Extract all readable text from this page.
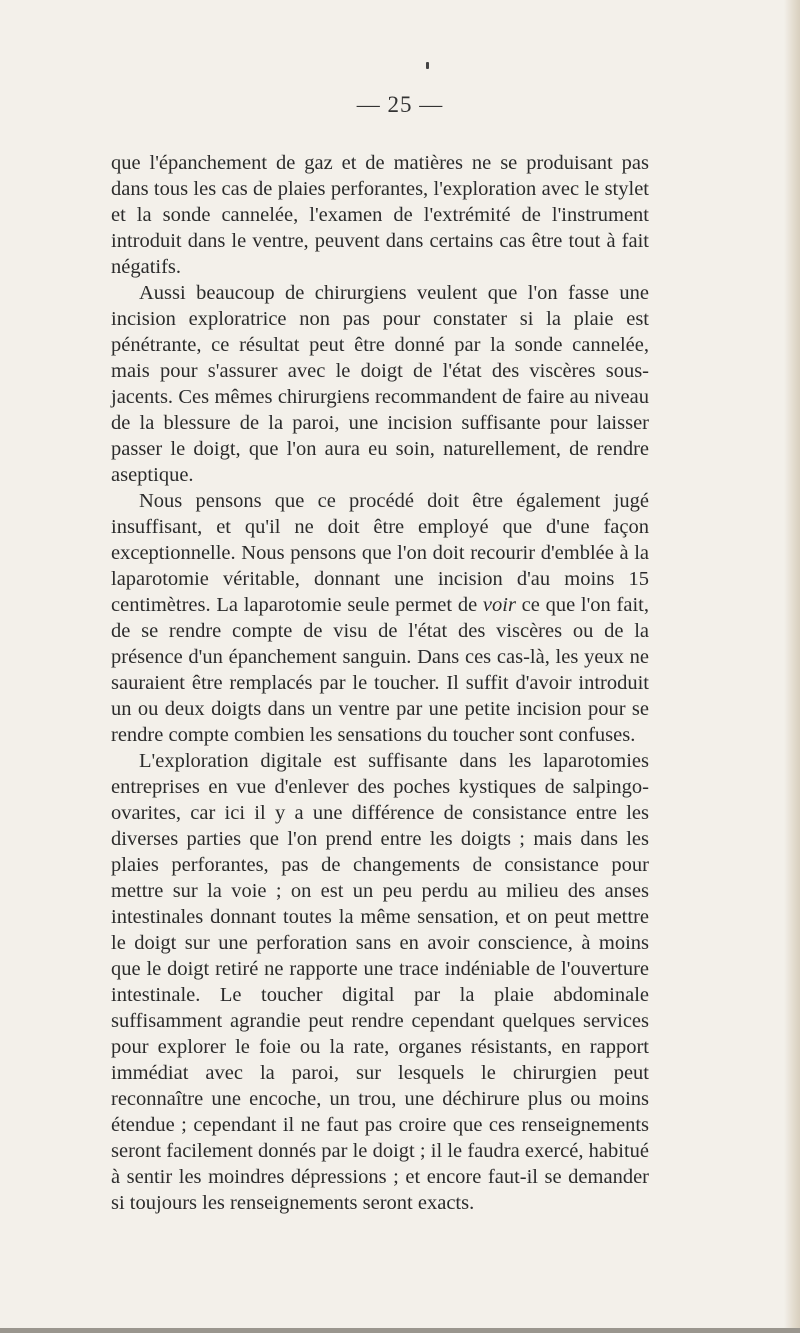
— 25 —

que l'épanchement de gaz et de matières ne se produisant pas dans tous les cas de plaies perforantes, l'exploration avec le stylet et la sonde cannelée, l'examen de l'extrémité de l'instrument introduit dans le ventre, peuvent dans certains cas être tout à fait négatifs.

Aussi beaucoup de chirurgiens veulent que l'on fasse une incision exploratrice non pas pour constater si la plaie est pénétrante, ce résultat peut être donné par la sonde cannelée, mais pour s'assurer avec le doigt de l'état des viscères sous-jacents. Ces mêmes chirurgiens recommandent de faire au niveau de la blessure de la paroi, une incision suffisante pour laisser passer le doigt, que l'on aura eu soin, naturellement, de rendre aseptique.

Nous pensons que ce procédé doit être également jugé insuffisant, et qu'il ne doit être employé que d'une façon exceptionnelle. Nous pensons que l'on doit recourir d'emblée à la laparotomie véritable, donnant une incision d'au moins 15 centimètres. La laparotomie seule permet de voir ce que l'on fait, de se rendre compte de visu de l'état des viscères ou de la présence d'un épanchement sanguin. Dans ces cas-là, les yeux ne sauraient être remplacés par le toucher. Il suffit d'avoir introduit un ou deux doigts dans un ventre par une petite incision pour se rendre compte combien les sensations du toucher sont confuses.

L'exploration digitale est suffisante dans les laparotomies entreprises en vue d'enlever des poches kystiques de salpingo-ovarites, car ici il y a une différence de consistance entre les diverses parties que l'on prend entre les doigts ; mais dans les plaies perforantes, pas de changements de consistance pour mettre sur la voie ; on est un peu perdu au milieu des anses intestinales donnant toutes la même sensation, et on peut mettre le doigt sur une perforation sans en avoir conscience, à moins que le doigt retiré ne rapporte une trace indéniable de l'ouverture intestinale. Le toucher digital par la plaie abdominale suffisamment agrandie peut rendre cependant quelques services pour explorer le foie ou la rate, organes résistants, en rapport immédiat avec la paroi, sur lesquels le chirurgien peut reconnaître une encoche, un trou, une déchirure plus ou moins étendue ; cependant il ne faut pas croire que ces renseignements seront facilement donnés par le doigt ; il le faudra exercé, habitué à sentir les moindres dépressions ; et encore faut-il se demander si toujours les renseignements seront exacts.
